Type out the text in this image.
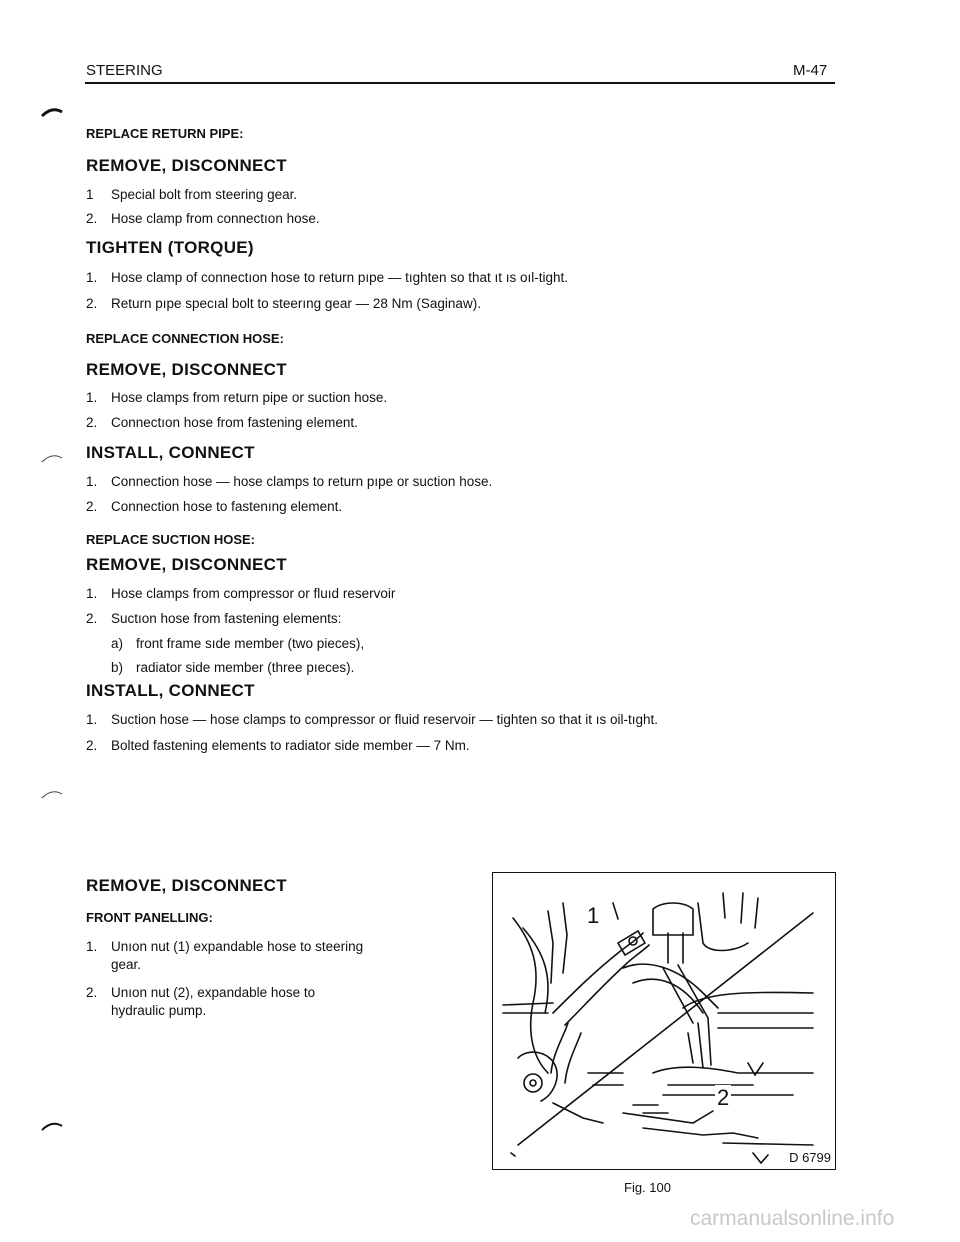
STEERING	M-47
REPLACE RETURN PIPE:
REMOVE, DISCONNECT
1 Special bolt from steering gear.
2. Hose clamp from connectıon hose.
TIGHTEN (TORQUE)
1. Hose clamp of connectıon hose to return pıpe — tıghten so that ıt ıs oıl-tight.
2. Return pıpe specıal bolt to steerıng gear — 28 Nm (Saginaw).
REPLACE CONNECTION HOSE:
REMOVE, DISCONNECT
1. Hose clamps from return pipe or suction hose.
2. Connectıon hose from fastening element.
INSTALL, CONNECT
1. Connection hose — hose clamps to return pıpe or suction hose.
2. Connection hose to fastenıng element.
REPLACE SUCTION HOSE:
REMOVE, DISCONNECT
1. Hose clamps from compressor or fluıd reservoir
2. Suctıon hose from fastening elements:
a) front frame sıde member (two pieces),
b) radiator side member (three pıeces).
INSTALL, CONNECT
1. Suction hose — hose clamps to compressor or fluid reservoir — tighten so that it ıs oil-tıght.
2. Bolted fastening elements to radiator side member — 7 Nm.
REMOVE, DISCONNECT
FRONT PANELLING:
1. Unıon nut (1) expandable hose to steering
gear.
2. Unıon nut (2), expandable hose to
hydraulic pump.
1
2
D 6799
Fig. 100
carmanualsonline.info
